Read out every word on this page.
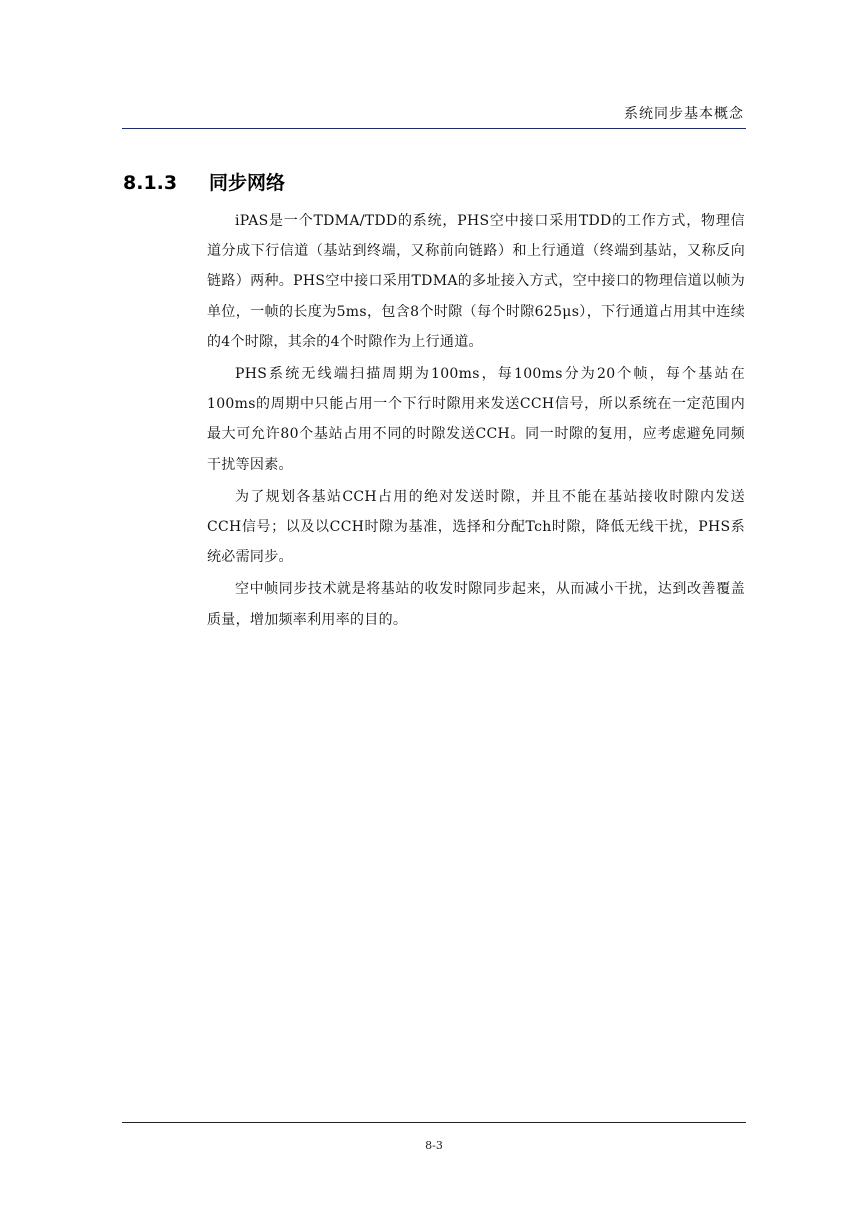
系统同步基本概念
8.1.3 同步网络

iPAS是一个TDMA/TDD的系统，PHS空中接口采用TDD的工作方式，物理信道分成下行信道（基站到终端，又称前向链路）和上行通道（终端到基站，又称反向链路）两种。PHS空中接口采用TDMA的多址接入方式，空中接口的物理信道以帧为单位，一帧的长度为5ms，包含8个时隙（每个时隙625μs），下行通道占用其中连续的4个时隙，其余的4个时隙作为上行通道。

PHS系统无线端扫描周期为100ms，每100ms分为20个帧，每个基站在100ms的周期中只能占用一个下行时隙用来发送CCH信号，所以系统在一定范围内最大可允许80个基站占用不同的时隙发送CCH。同一时隙的复用，应考虑避免同频干扰等因素。

为了规划各基站CCH占用的绝对发送时隙，并且不能在基站接收时隙内发送CCH信号；以及以CCH时隙为基准，选择和分配Tch时隙，降低无线干扰，PHS系统必需同步。

空中帧同步技术就是将基站的收发时隙同步起来，从而减小干扰，达到改善覆盖质量，增加频率利用率的目的。

8-3
